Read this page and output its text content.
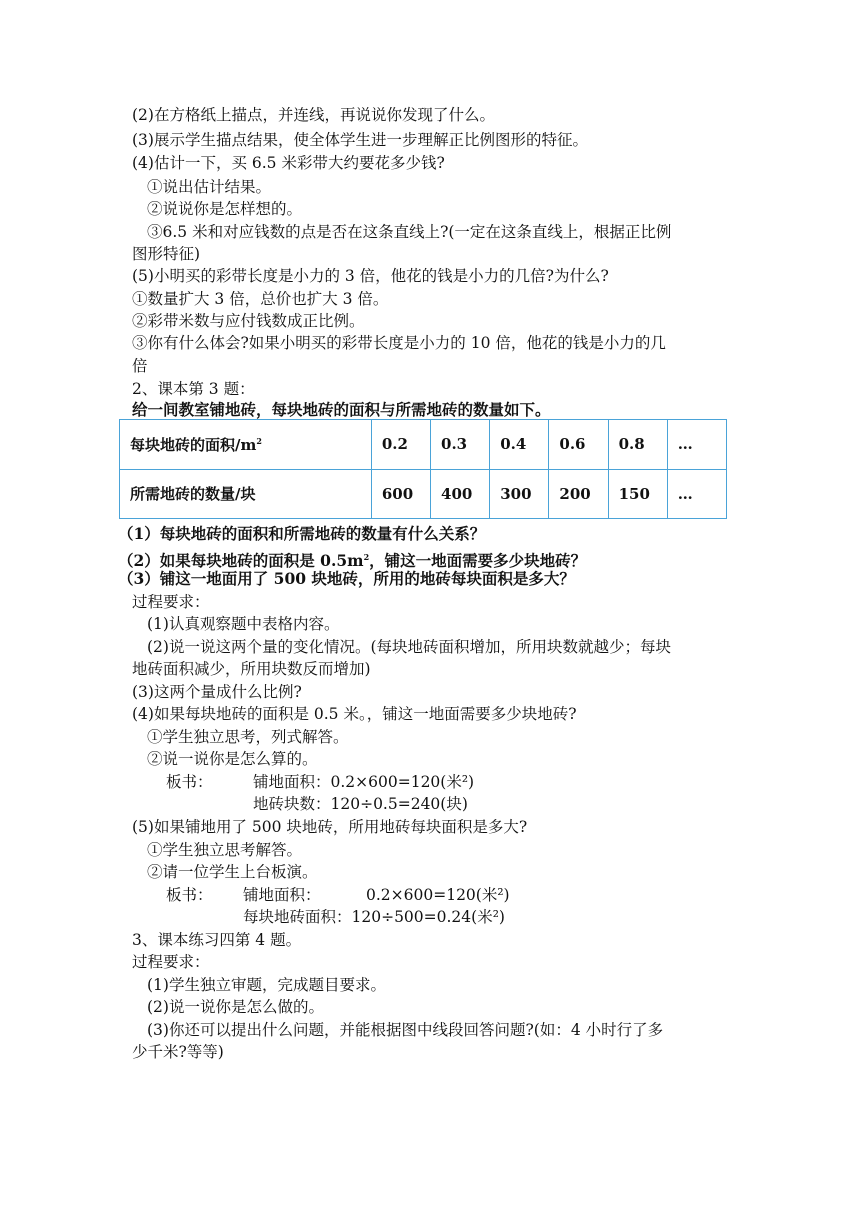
(2)在方格纸上描点，并连线，再说说你发现了什么。
(3)展示学生描点结果，使全体学生进一步理解正比例图形的特征。
(4)估计一下，买 6.5 米彩带大约要花多少钱?
①说出估计结果。
②说说你是怎样想的。
③6.5 米和对应钱数的点是否在这条直线上?(一定在这条直线上，根据正比例
图形特征)
(5)小明买的彩带长度是小力的 3 倍，他花的钱是小力的几倍?为什么?
①数量扩大 3 倍，总价也扩大 3 倍。
②彩带米数与应付钱数成正比例。
③你有什么体会?如果小明买的彩带长度是小力的 10 倍，他花的钱是小力的几
倍
2、课本第 3 题：
给一间教室铺地砖，每块地砖的面积与所需地砖的数量如下。
每块地砖的面积$/m^2$	0.2	0.3	0.4	0.6	0.8	…
所需地砖的数量/块	600	400	300	200	150	…
（1）每块地砖的面积和所需地砖的数量有什么关系？
（2）如果每块地砖的面积是 $0.5m^2$，铺这一地面需要多少块地砖？
（3）铺这一地面用了 500 块地砖，所用的地砖每块面积是多大？
过程要求：
(1)认真观察题中表格内容。
(2)说一说这两个量的变化情况。(每块地砖面积增加，所用块数就越少；每块
地砖面积减少，所用块数反而增加)
(3)这两个量成什么比例?
(4)如果每块地砖的面积是 0.5 米。，铺这一地面需要多少块地砖?
①学生独立思考，列式解答。
②说一说你是怎么算的。
板书：	铺地面积：0.2×600=120(米²)
地砖块数：120÷0.5=240(块)
(5)如果铺地用了 500 块地砖，所用地砖每块面积是多大?
①学生独立思考解答。
②请一位学生上台板演。
板书： 铺地面积：	0.2×600=120(米²)
每块地砖面积：120÷500=0.24(米²)
3、课本练习四第 4 题。
过程要求：
(1)学生独立审题，完成题目要求。
(2)说一说你是怎么做的。
(3)你还可以提出什么问题，并能根据图中线段回答问题?(如：4 小时行了多
少千米?等等)
